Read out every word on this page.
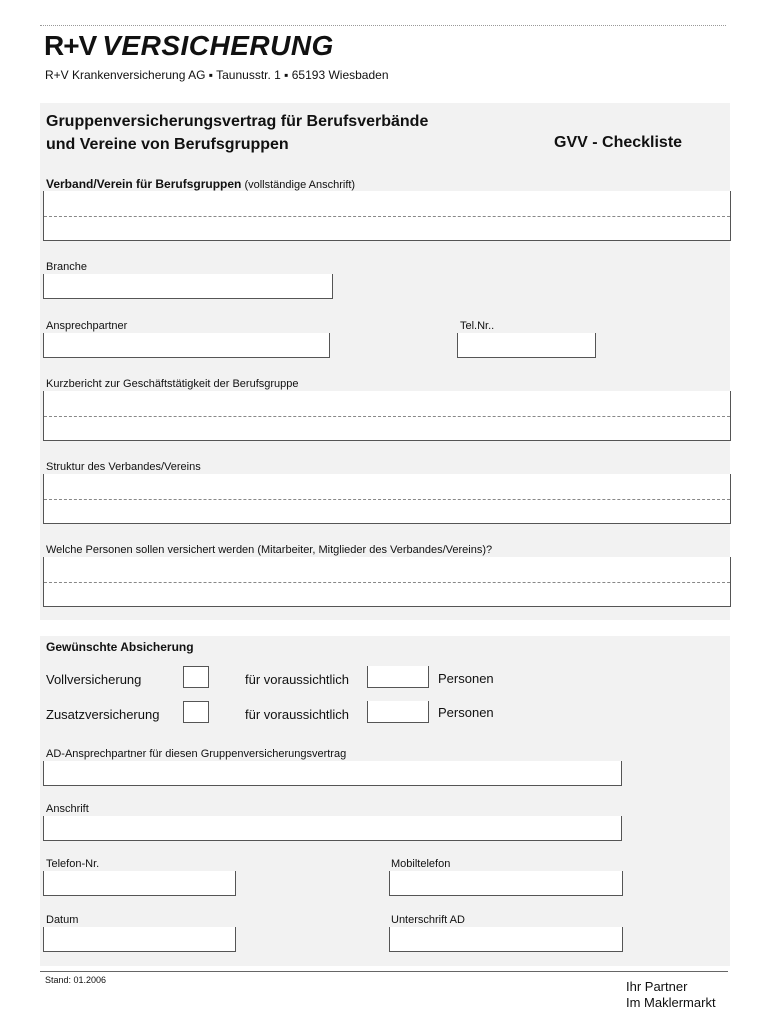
R+V VERSICHERUNG
R+V Krankenversicherung AG ▪ Taunusstr. 1 ▪ 65193 Wiesbaden
Gruppenversicherungsvertrag für Berufsverbände
und Vereine von Berufsgruppen	GVV - Checkliste
Verband/Verein für Berufsgruppen (vollständige Anschrift)
Branche
Ansprechpartner	Tel.Nr..
Kurzbericht zur Geschäftstätigkeit der Berufsgruppe
Struktur des Verbandes/Vereins
Welche Personen sollen versichert werden (Mitarbeiter, Mitglieder des Verbandes/Vereins)?
Gewünschte Absicherung
Vollversicherung	für voraussichtlich	Personen
Zusatzversicherung	für voraussichtlich	Personen
AD-Ansprechpartner für diesen Gruppenversicherungsvertrag
Anschrift
Telefon-Nr.	Mobiltelefon
Datum	Unterschrift AD
Stand: 01.2006	Ihr Partner
Im Maklermarkt
